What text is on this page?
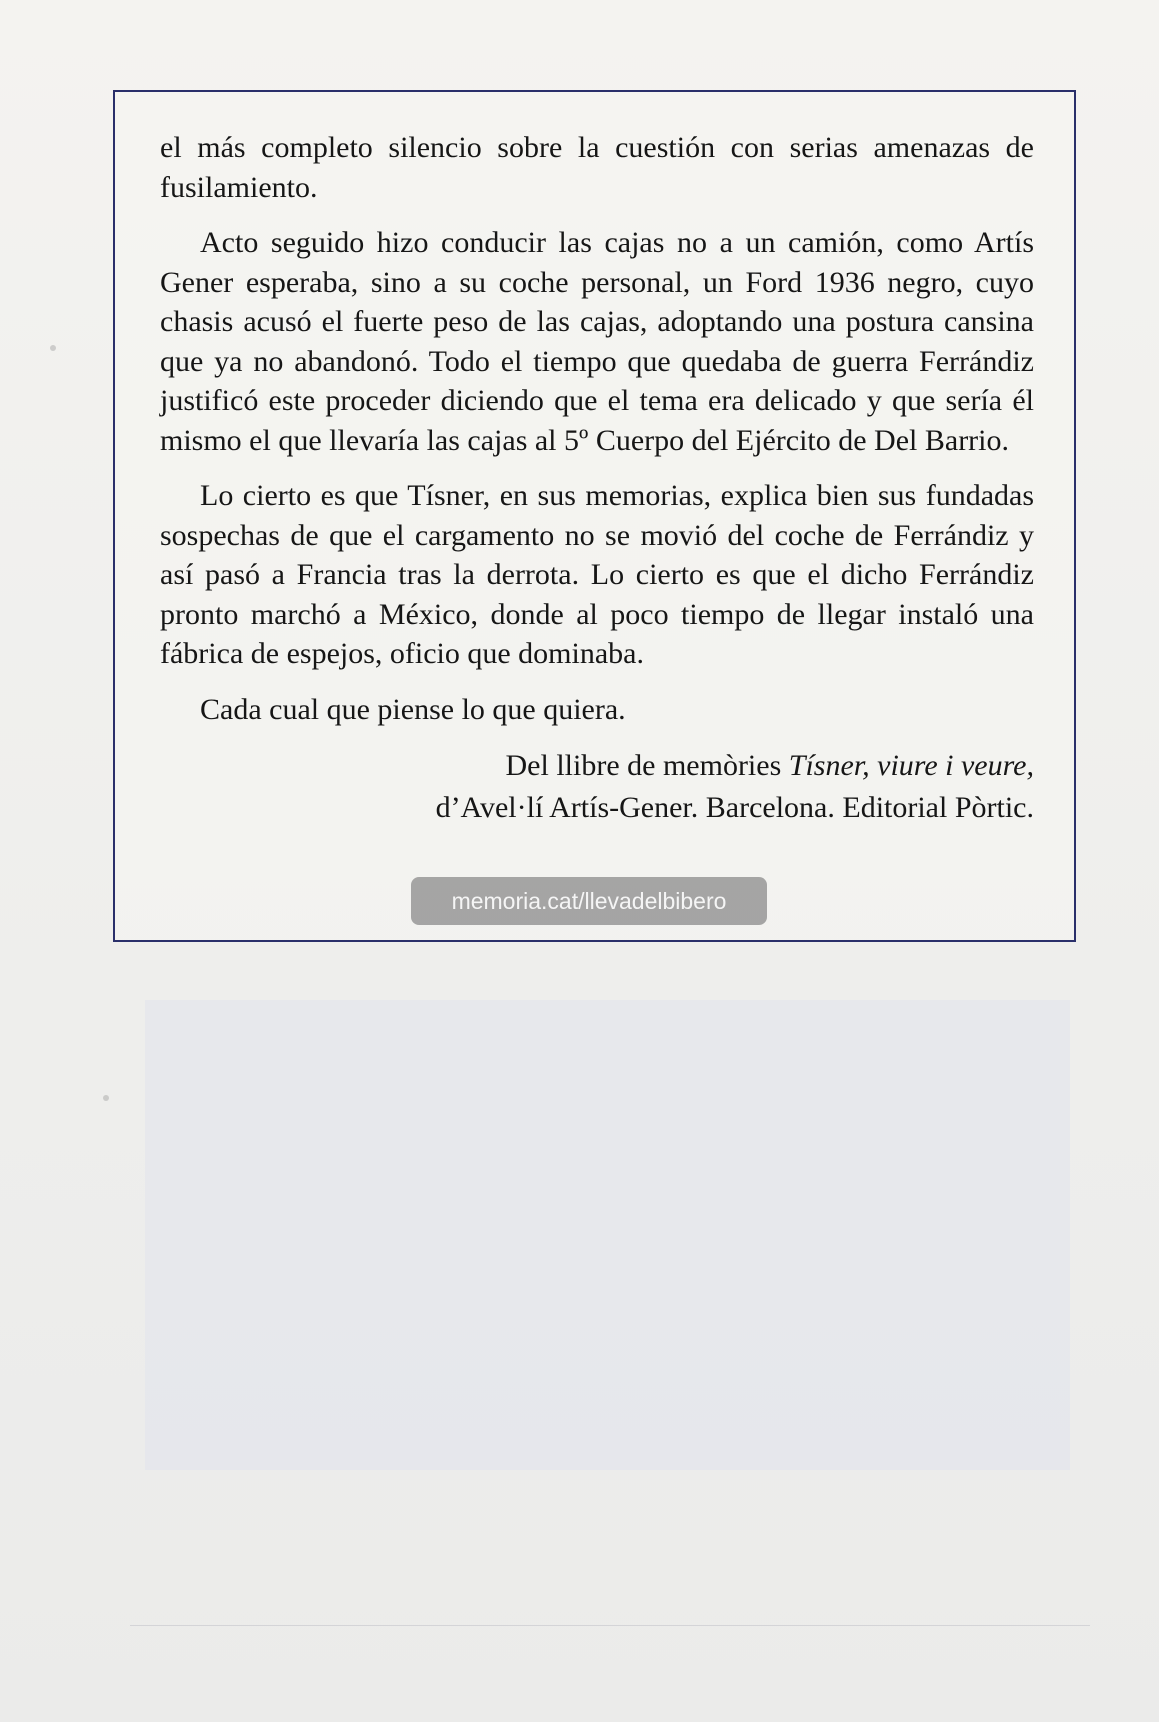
el más completo silencio sobre la cuestión con serias amenazas de fusilamiento.

Acto seguido hizo conducir las cajas no a un camión, como Artís Gener esperaba, sino a su coche personal, un Ford 1936 negro, cuyo chasis acusó el fuerte peso de las cajas, adoptando una postura cansina que ya no abandonó. Todo el tiempo que quedaba de guerra Ferrándiz justificó este proceder diciendo que el tema era delicado y que sería él mismo el que llevaría las cajas al 5º Cuerpo del Ejército de Del Barrio.

Lo cierto es que Tísner, en sus memorias, explica bien sus fundadas sospechas de que el cargamento no se movió del coche de Ferrándiz y así pasó a Francia tras la derrota. Lo cierto es que el dicho Ferrándiz pronto marchó a México, donde al poco tiempo de llegar instaló una fábrica de espejos, oficio que dominaba.

Cada cual que piense lo que quiera.

Del llibre de memòries Tísner, viure i veure,
d’Avel·lí Artís-Gener. Barcelona. Editorial Pòrtic.
memoria.cat/llevadelbibero
